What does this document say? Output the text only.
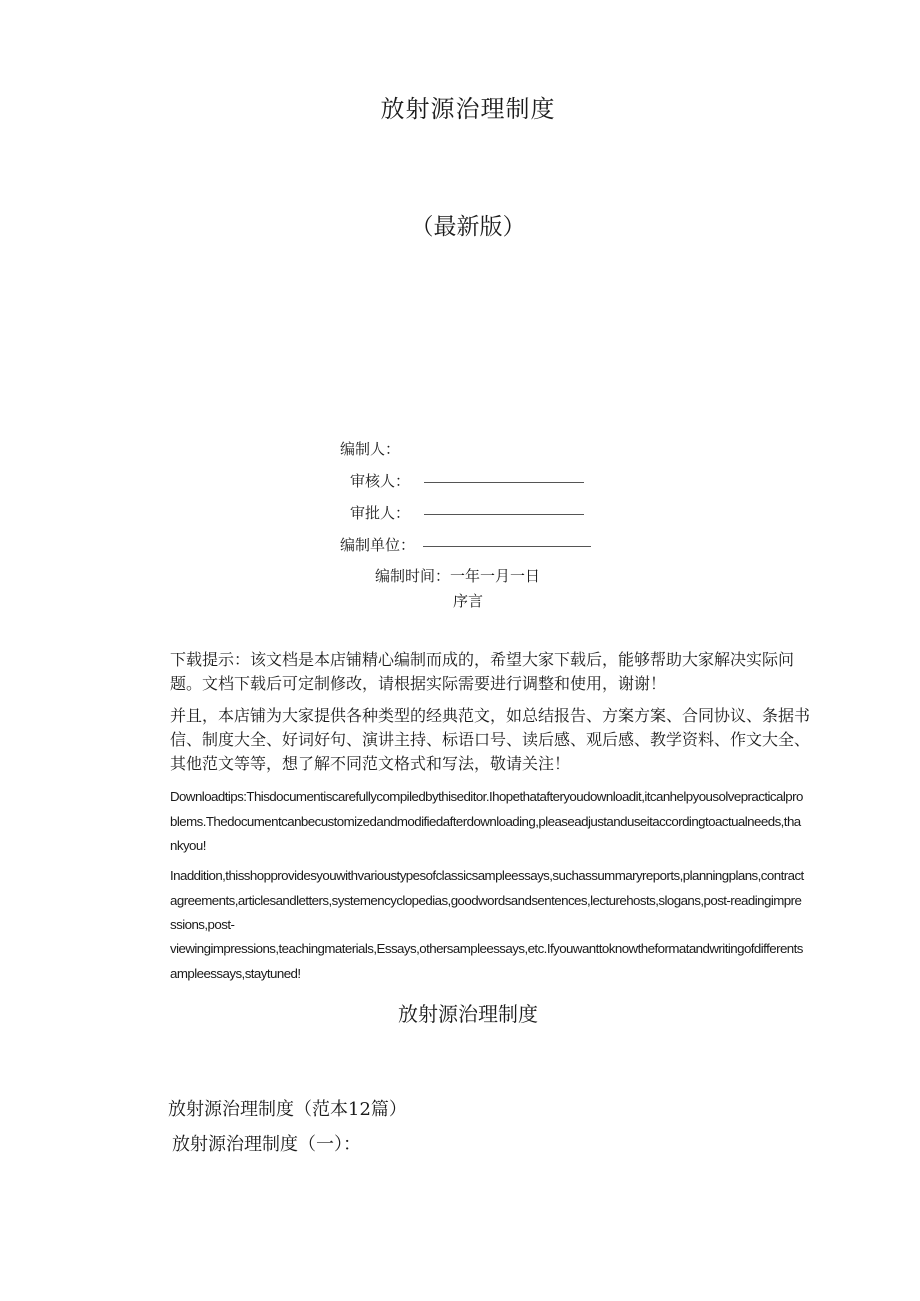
放射源治理制度
（最新版）
编制人：
审核人：
审批人：
编制单位：
编制时间：一年一月一日
序言

下载提示：该文档是本店铺精心编制而成的，希望大家下载后，能够帮助大家解决实际问题。文档下载后可定制修改，请根据实际需要进行调整和使用，谢谢！

并且，本店铺为大家提供各种类型的经典范文，如总结报告、方案方案、合同协议、条据书信、制度大全、好词好句、演讲主持、标语口号、读后感、观后感、教学资料、作文大全、其他范文等等，想了解不同范文格式和写法，敬请关注！

Downloadtips:Thisdocumentiscarefullycompiledbythiseditor.Ihopethatafteryoudownloadit,itcanhelpyousolvepracticalproblems.Thedocumentcanbecustomizedandmodifiedafterdownloading,pleaseadjustanduseitaccordingtoactualneeds,thankyou!

Inaddition,thisshopprovidesyouwithvarioustypesofclassicsampleessays,suchassummaryreports,planningplans,contractagreements,articlesandletters,systemencyclopedias,goodwordsandsentences,lecturehosts,slogans,post-readingimpressions,post-

viewingimpressions,teachingmaterials,Essays,othersampleessays,etc.Ifyouwanttoknowtheformatandwritingofdifferentsampleessays,staytuned!

放射源治理制度
放射源治理制度（范本12篇）
放射源治理制度（一）：
